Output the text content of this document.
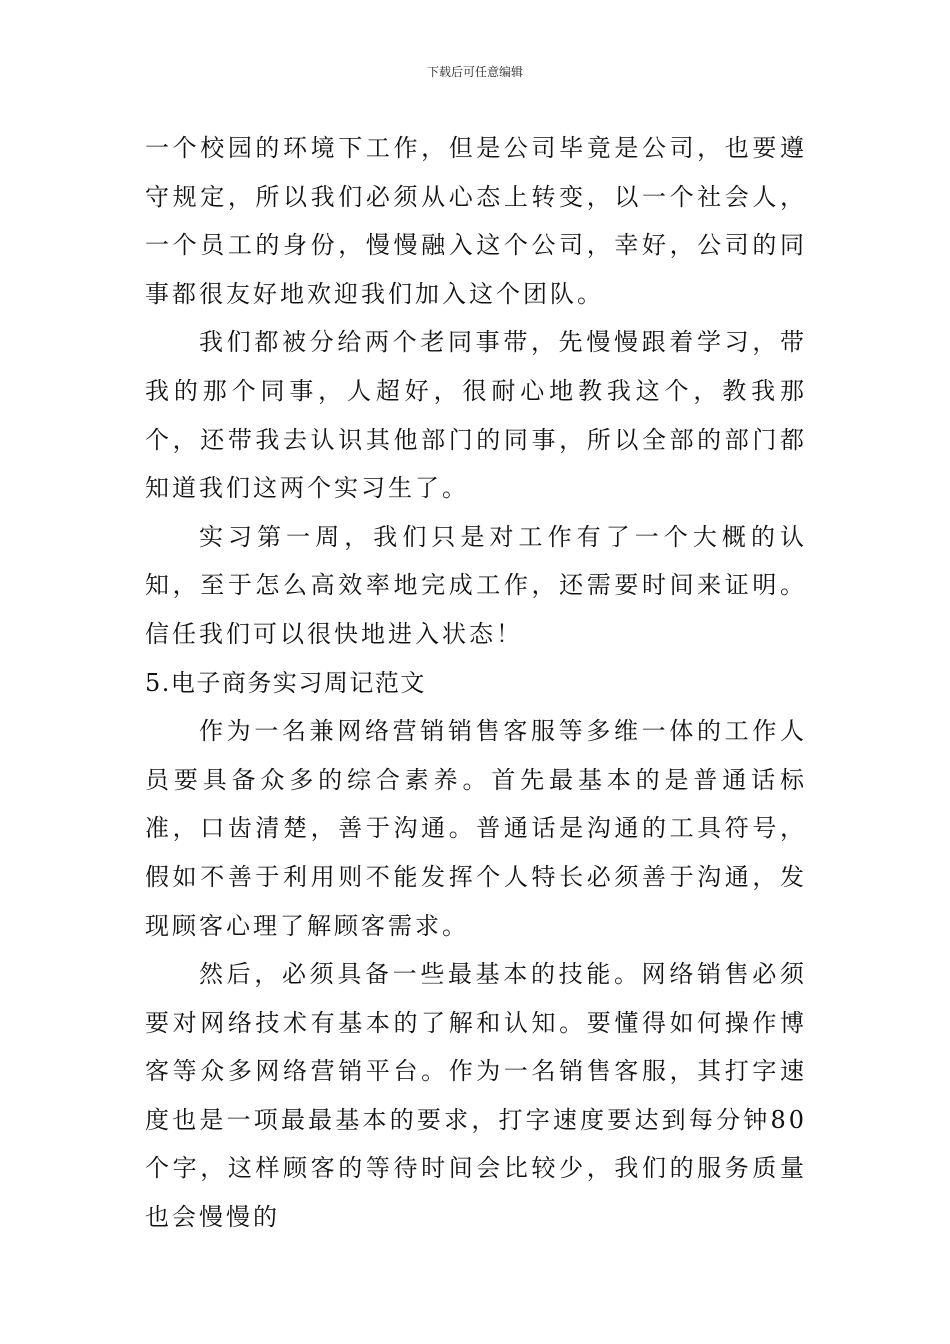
下载后可任意编辑

一个校园的环境下工作，但是公司毕竟是公司，也要遵守规定，所以我们必须从心态上转变，以一个社会人，一个员工的身份，慢慢融入这个公司，幸好，公司的同事都很友好地欢迎我们加入这个团队。

我们都被分给两个老同事带，先慢慢跟着学习，带我的那个同事，人超好，很耐心地教我这个，教我那个，还带我去认识其他部门的同事，所以全部的部门都知道我们这两个实习生了。

实习第一周，我们只是对工作有了一个大概的认知，至于怎么高效率地完成工作，还需要时间来证明。信任我们可以很快地进入状态！

5.电子商务实习周记范文

作为一名兼网络营销销售客服等多维一体的工作人员要具备众多的综合素养。首先最基本的是普通话标准，口齿清楚，善于沟通。普通话是沟通的工具符号，假如不善于利用则不能发挥个人特长必须善于沟通，发现顾客心理了解顾客需求。

然后，必须具备一些最基本的技能。网络销售必须要对网络技术有基本的了解和认知。要懂得如何操作博客等众多网络营销平台。作为一名销售客服，其打字速度也是一项最最基本的要求，打字速度要达到每分钟80个字，这样顾客的等待时间会比较少，我们的服务质量也会慢慢的
